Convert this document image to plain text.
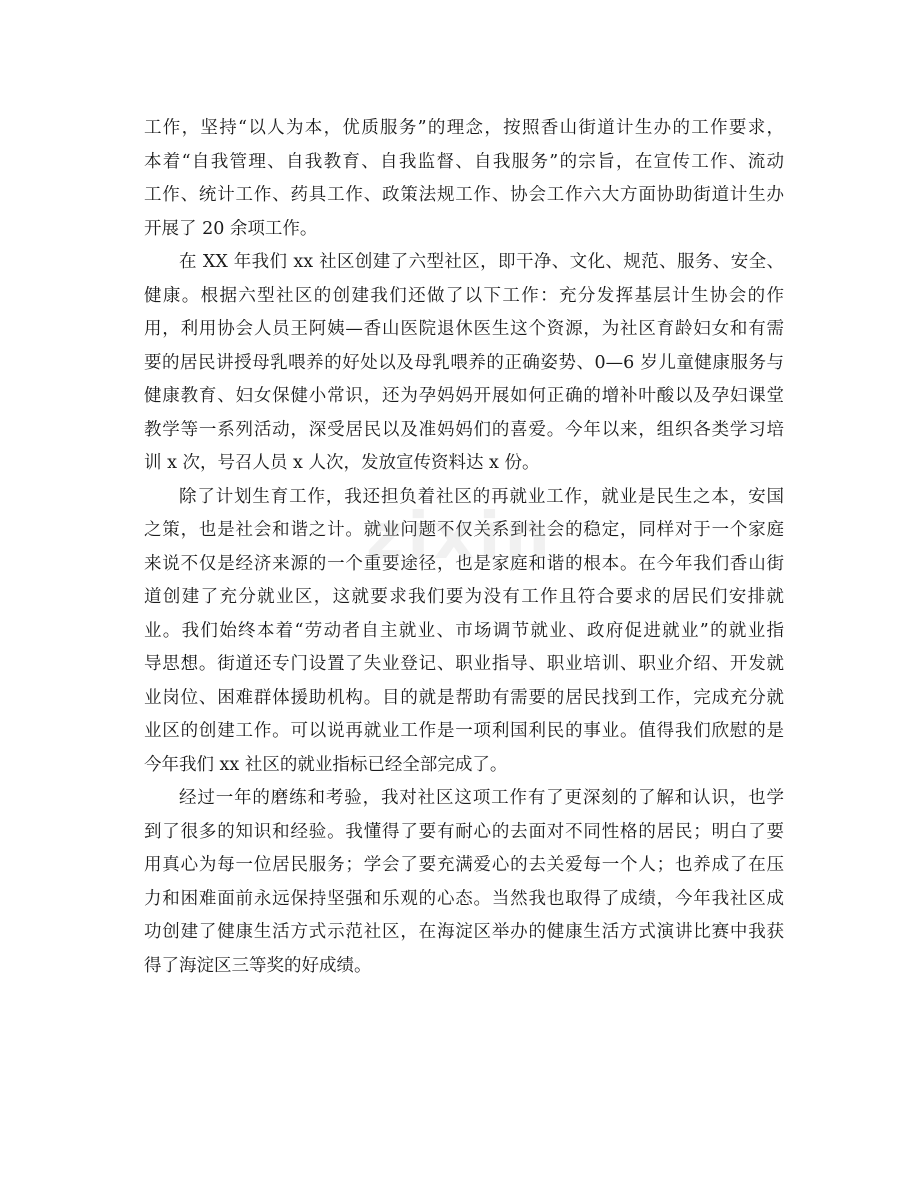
工作，坚持“以人为本，优质服务”的理念，按照香山街道计生办的工作要求，
本着“自我管理、自我教育、自我监督、自我服务”的宗旨，在宣传工作、流动
工作、统计工作、药具工作、政策法规工作、协会工作六大方面协助街道计生办
开展了 20 余项工作。
在 XX 年我们 xx 社区创建了六型社区，即干净、文化、规范、服务、安全、
健康。根据六型社区的创建我们还做了以下工作：充分发挥基层计生协会的作
用，利用协会人员王阿姨—香山医院退休医生这个资源，为社区育龄妇女和有需
要的居民讲授母乳喂养的好处以及母乳喂养的正确姿势、0—6 岁儿童健康服务与
健康教育、妇女保健小常识，还为孕妈妈开展如何正确的增补叶酸以及孕妇课堂
教学等一系列活动，深受居民以及准妈妈们的喜爱。今年以来，组织各类学习培
训 x 次，号召人员 x 人次，发放宣传资料达 x 份。
除了计划生育工作，我还担负着社区的再就业工作，就业是民生之本，安国
之策，也是社会和谐之计。就业问题不仅关系到社会的稳定，同样对于一个家庭
来说不仅是经济来源的一个重要途径，也是家庭和谐的根本。在今年我们香山街
道创建了充分就业区，这就要求我们要为没有工作且符合要求的居民们安排就
业。我们始终本着“劳动者自主就业、市场调节就业、政府促进就业”的就业指
导思想。街道还专门设置了失业登记、职业指导、职业培训、职业介绍、开发就
业岗位、困难群体援助机构。目的就是帮助有需要的居民找到工作，完成充分就
业区的创建工作。可以说再就业工作是一项利国利民的事业。值得我们欣慰的是
今年我们 xx 社区的就业指标已经全部完成了。
经过一年的磨练和考验，我对社区这项工作有了更深刻的了解和认识，也学
到了很多的知识和经验。我懂得了要有耐心的去面对不同性格的居民；明白了要
用真心为每一位居民服务；学会了要充满爱心的去关爱每一个人；也养成了在压
力和困难面前永远保持坚强和乐观的心态。当然我也取得了成绩，今年我社区成
功创建了健康生活方式示范社区，在海淀区举办的健康生活方式演讲比赛中我获
得了海淀区三等奖的好成绩。
zixin
